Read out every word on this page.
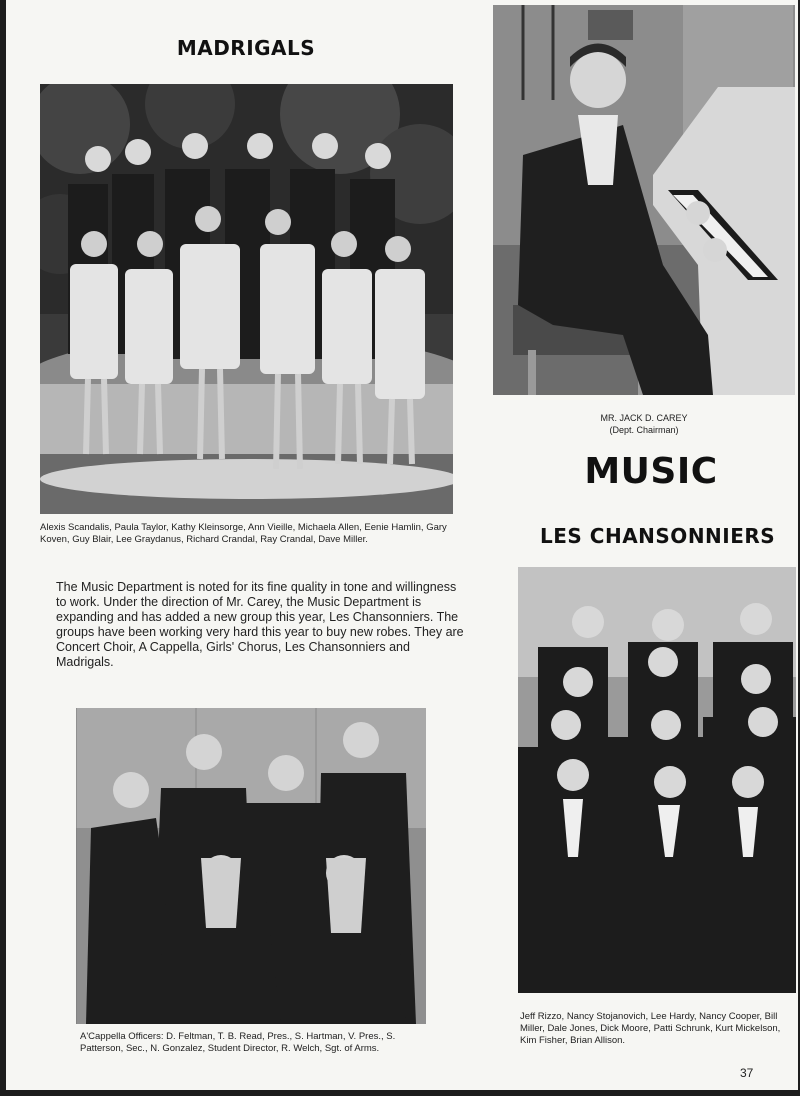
MADRIGALS
Alexis Scandalis, Paula Taylor, Kathy Kleinsorge, Ann Vieille, Michaela Allen, Eenie Hamlin, Gary Koven, Guy Blair, Lee Graydanus, Richard Crandal, Ray Crandal, Dave Miller.
The Music Department is noted for its fine quality in tone and willingness to work. Under the direction of Mr. Carey, the Music Department is expanding and has added a new group this year, Les Chansonniers. The groups have been working very hard this year to buy new robes. They are Concert Choir, A Cappella, Girls' Chorus, Les Chansonniers and Madrigals.
A'Cappella Officers: D. Feltman, T. B. Read, Pres., S. Hartman, V. Pres., S. Patterson, Sec., N. Gonzalez, Student Director, R. Welch, Sgt. of Arms.
MR. JACK D. CAREY
(Dept. Chairman)
MUSIC
LES CHANSONNIERS
Jeff Rizzo, Nancy Stojanovich, Lee Hardy, Nancy Cooper, Bill Miller, Dale Jones, Dick Moore, Patti Schrunk, Kurt Mickelson, Kim Fisher, Brian Allison.
37
